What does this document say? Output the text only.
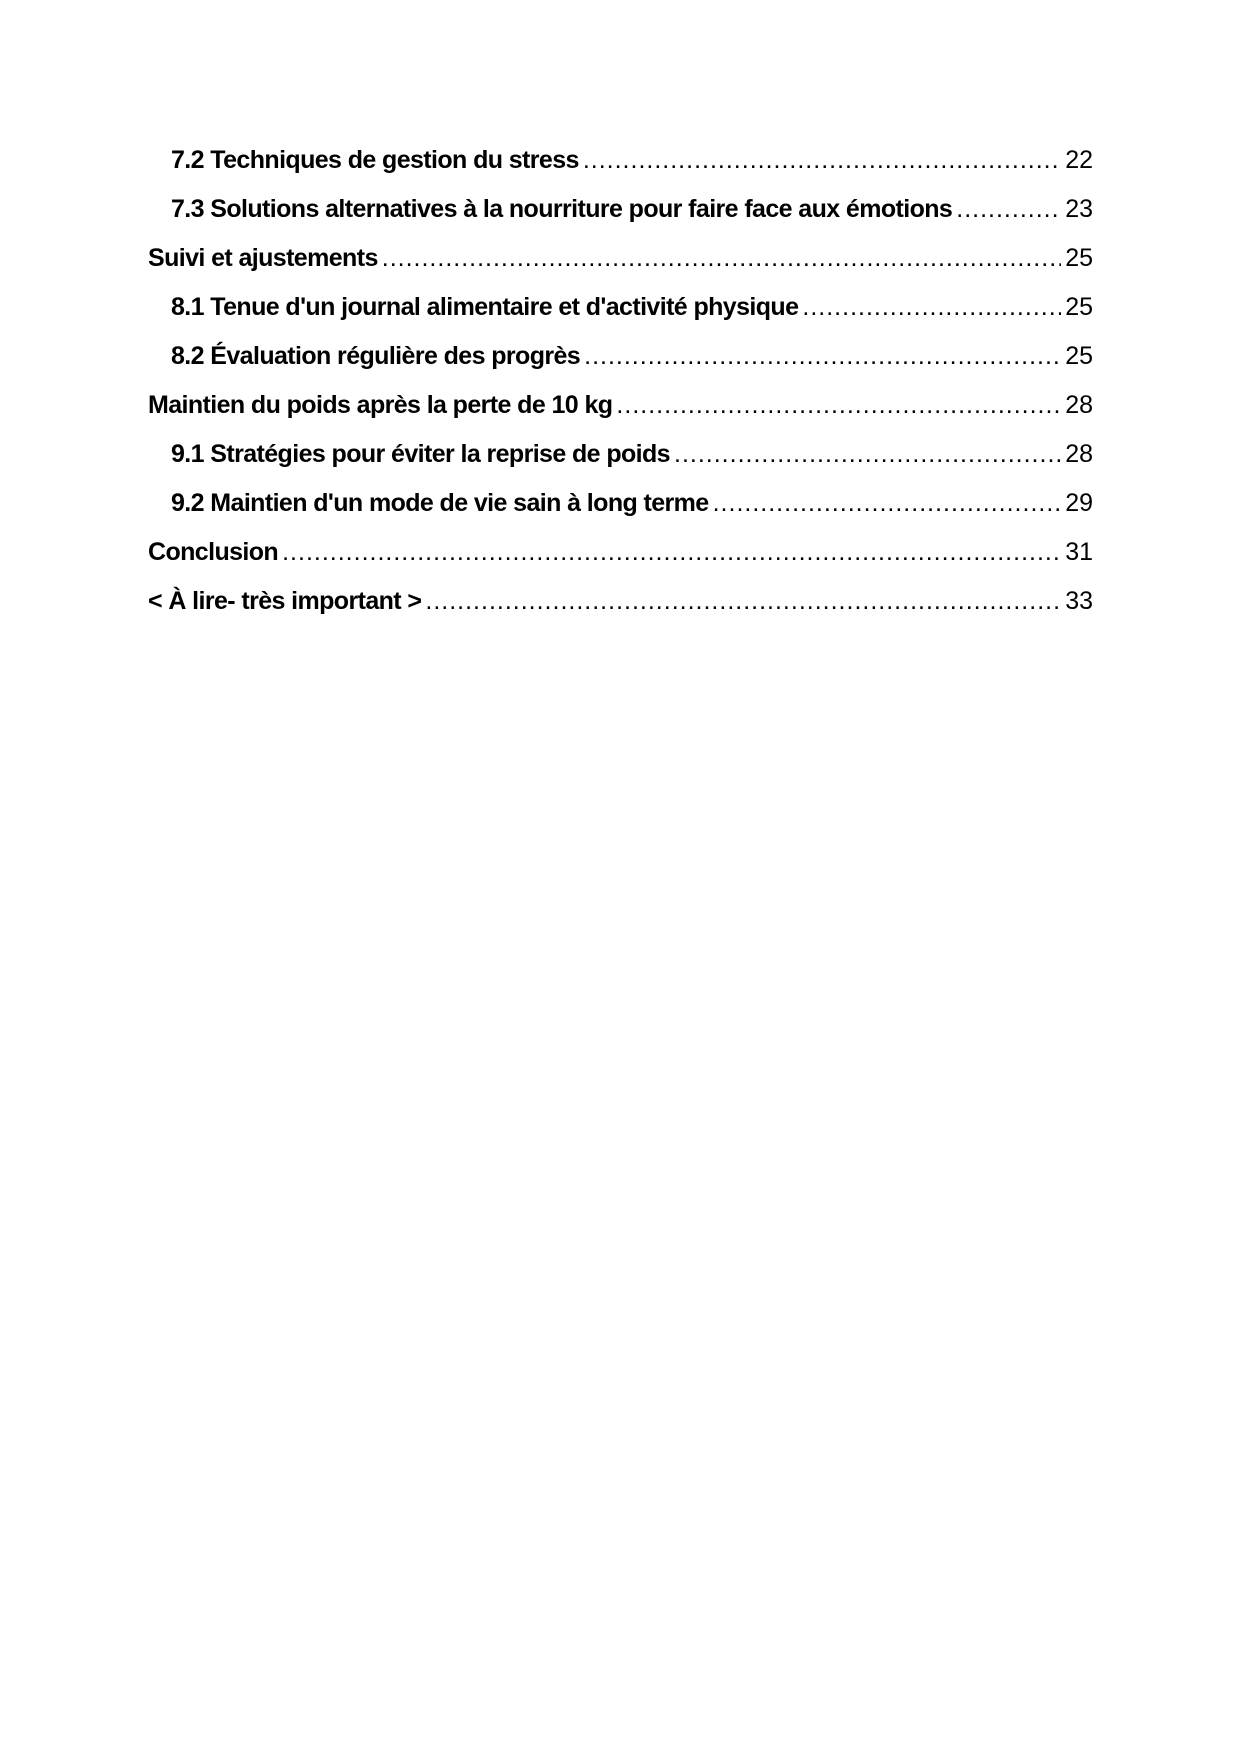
7.2 Techniques de gestion du stress .....	22
7.3 Solutions alternatives à la nourriture pour faire face aux émotions .....	23
Suivi et ajustements .....	25
8.1 Tenue d'un journal alimentaire et d'activité physique .....	25
8.2 Évaluation régulière des progrès .....	25
Maintien du poids après la perte de 10 kg .....	28
9.1 Stratégies pour éviter la reprise de poids .....	28
9.2 Maintien d'un mode de vie sain à long terme .....	29
Conclusion .....	31
< À lire- très important > .....	33
